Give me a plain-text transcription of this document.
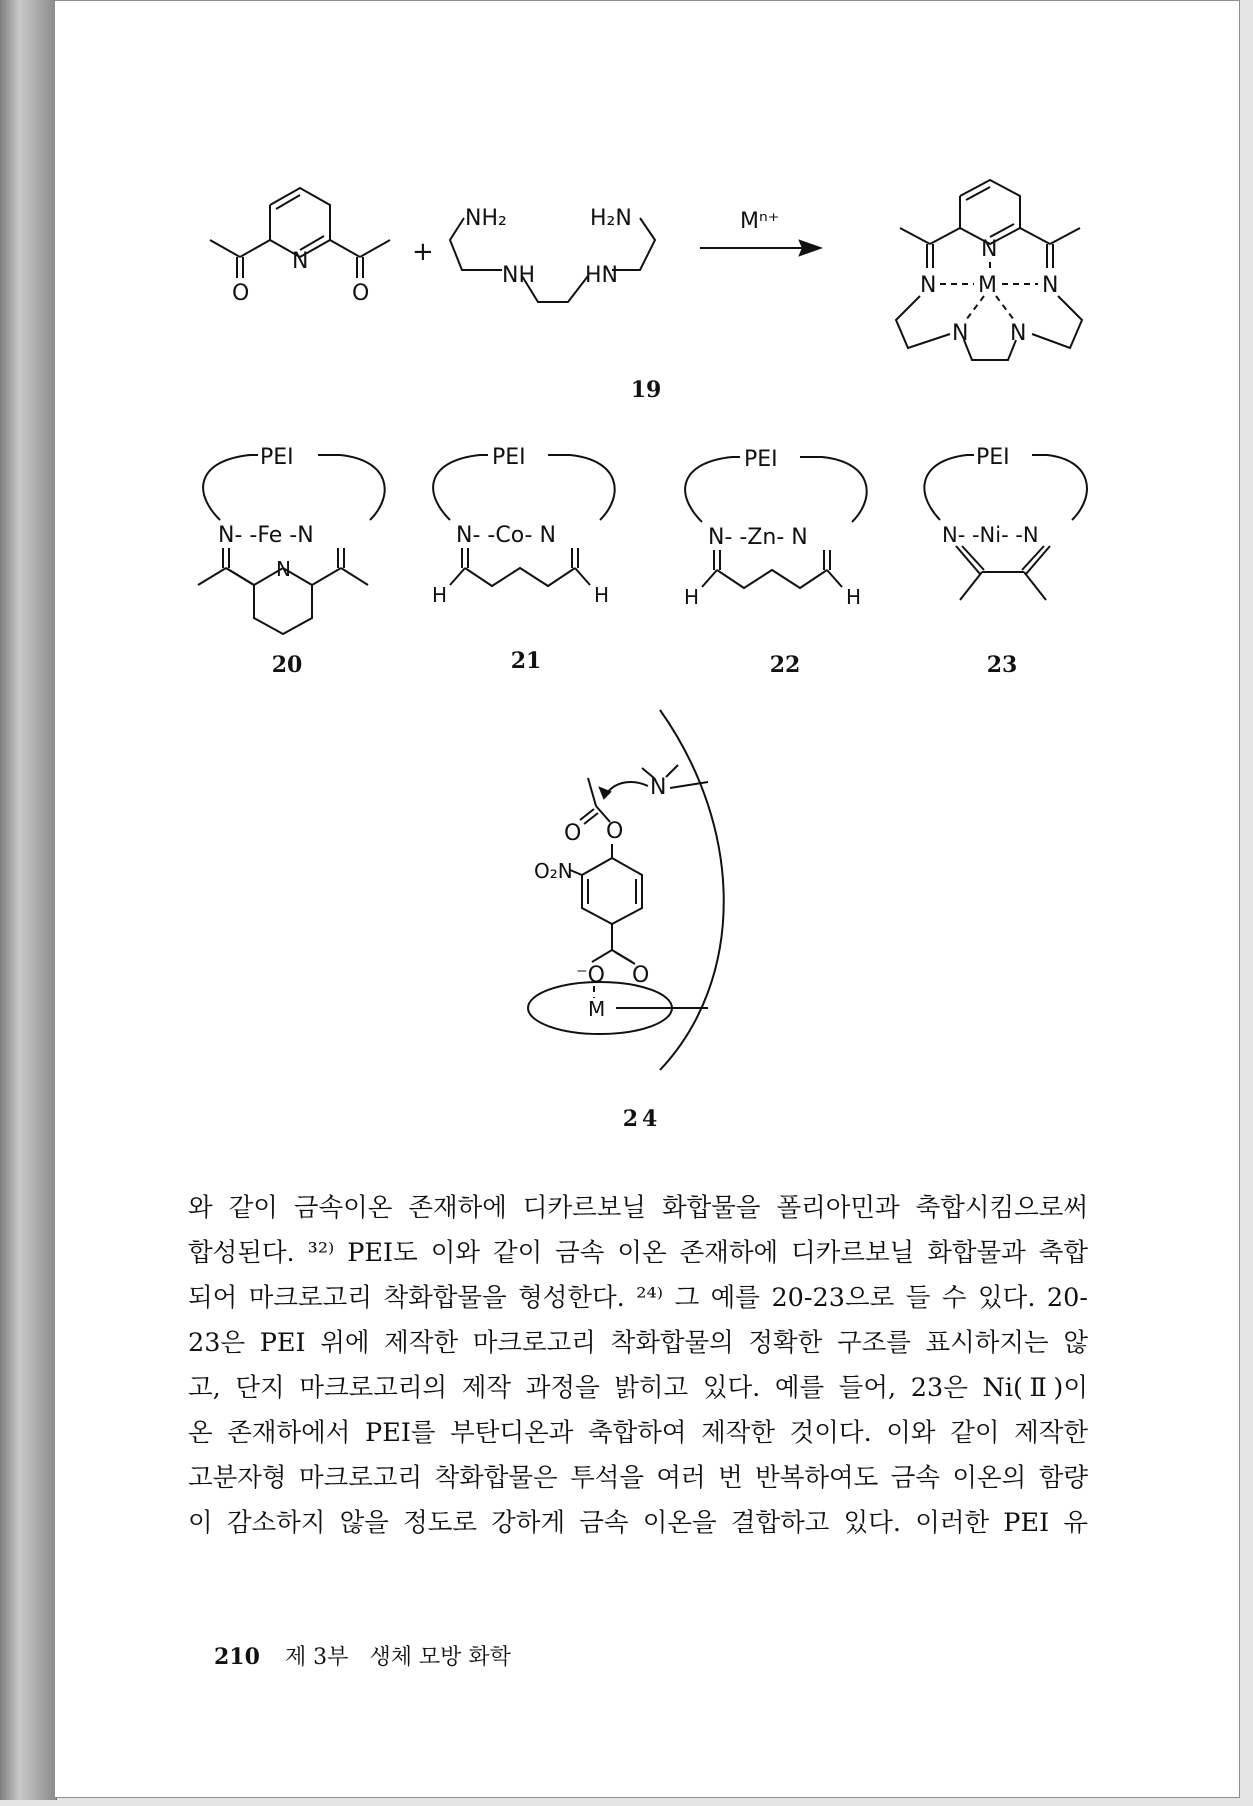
N
O	O
+
NH₂	H₂N
NH HN
Mⁿ⁺
N
N M N
N N
19
PEI
N- -Fe -N
N
20
PEI
N- -Co- N
H	H
21
PEI
N- -Zn- N
H	H
22
PEI
N- -Ni- -N
23
N
O O
O₂N
⁻O O
M
24

와 같이 금속이온 존재하에 디카르보닐 화합물을 폴리아민과 축합시킴으로써

합성된다. ³²⁾ PEI도 이와 같이 금속 이온 존재하에 디카르보닐 화합물과 축합

되어 마크로고리 착화합물을 형성한다. ²⁴⁾ 그 예를 20-23으로 들 수 있다. 20-

23은 PEI 위에 제작한 마크로고리 착화합물의 정확한 구조를 표시하지는 않

고, 단지 마크로고리의 제작 과정을 밝히고 있다. 예를 들어, 23은 Ni(Ⅱ)이

온 존재하에서 PEI를 부탄디온과 축합하여 제작한 것이다. 이와 같이 제작한

고분자형 마크로고리 착화합물은 투석을 여러 번 반복하여도 금속 이온의 함량

이 감소하지 않을 정도로 강하게 금속 이온을 결합하고 있다. 이러한 PEI 유

210 제 3부 생체 모방 화학
